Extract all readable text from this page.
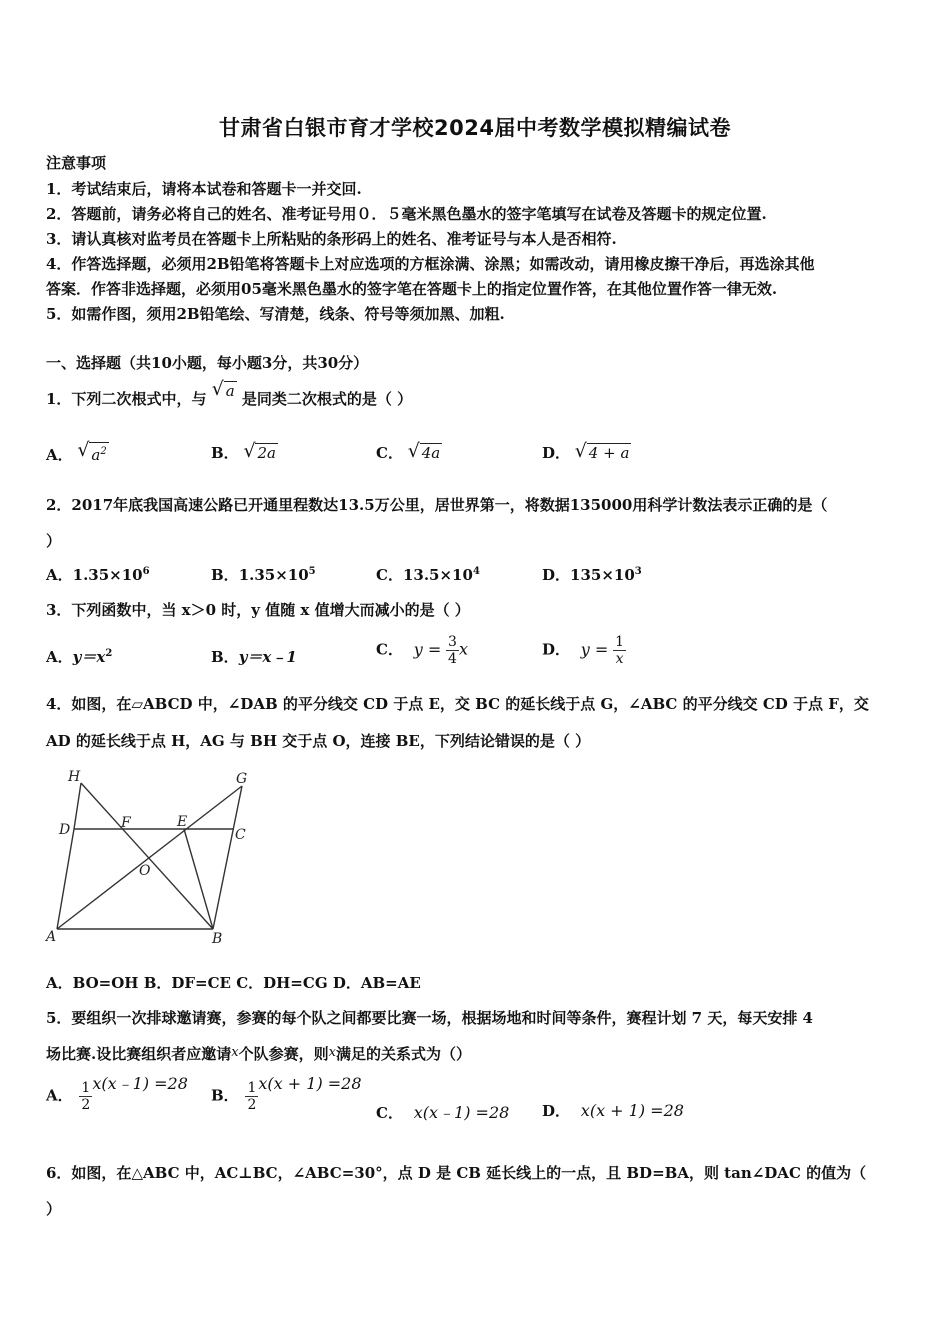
甘肃省白银市育才学校2024届中考数学模拟精编试卷
注意事项
1．考试结束后，请将本试卷和答题卡一并交回.
2．答题前，请务必将自己的姓名、准考证号用０．５毫米黑色墨水的签字笔填写在试卷及答题卡的规定位置.
3．请认真核对监考员在答题卡上所粘贴的条形码上的姓名、准考证号与本人是否相符.
4．作答选择题，必须用2B铅笔将答题卡上对应选项的方框涂满、涂黑；如需改动，请用橡皮擦干净后，再选涂其他
答案．作答非选择题，必须用05毫米黑色墨水的签字笔在答题卡上的指定位置作答，在其他位置作答一律无效.
5．如需作图，须用2B铅笔绘、写清楚，线条、符号等须加黑、加粗.
一、选择题（共10小题，每小题3分，共30分）
1．下列二次根式中，与 √ a 是同类二次根式的是（ ）
A． √ $a^2$	B． √ 2a	C． √ 4a	D． √ 4 + a
2．2017年底我国高速公路已开通里程数达13.5万公里，居世界第一，将数据135000用科学计数法表示正确的是（
）
A．$1.35\times 10^6$	B．$1.35\times 10^5$	C．$13.5\times 10^4$	D．$135\times 10^3$
3．下列函数中，当 x＞0 时，y 值随 x 值增大而减小的是（ ）
A．$y=x^2$	B．y＝x﹣1	C． $y = \frac{3}{4}$ x	D． $y = \frac{1}{x}$
4．如图，在▱ABCD 中，∠DAB 的平分线交 CD 于点 E，交 BC 的延长线于点 G，∠ABC 的平分线交 CD 于点 F，交
AD 的延长线于点 H，AG 与 BH 交于点 O，连接 BE，下列结论错误的是（ ）
H	G
D	F	E
C
O
A	B
A．BO=OH B．DF=CE C．DH=CG D．AB=AE
5．要组织一次排球邀请赛，参赛的每个队之间都要比赛一场，根据场地和时间等条件，赛程计划 7 天，每天安排 4
场比赛.设比赛组织者应邀请x个队参赛，则x满足的关系式为（）
A． $\frac{1}{2}$ x(x﹣1) =28
B． $\frac{1}{2} x(x + 1) =28$
C． x(x﹣1) =28 D． x(x + 1) =28
6．如图，在△ABC 中，AC⊥BC，∠ABC=30°，点 D 是 CB 延长线上的一点，且 BD=BA，则 tan∠DAC 的值为（
）
